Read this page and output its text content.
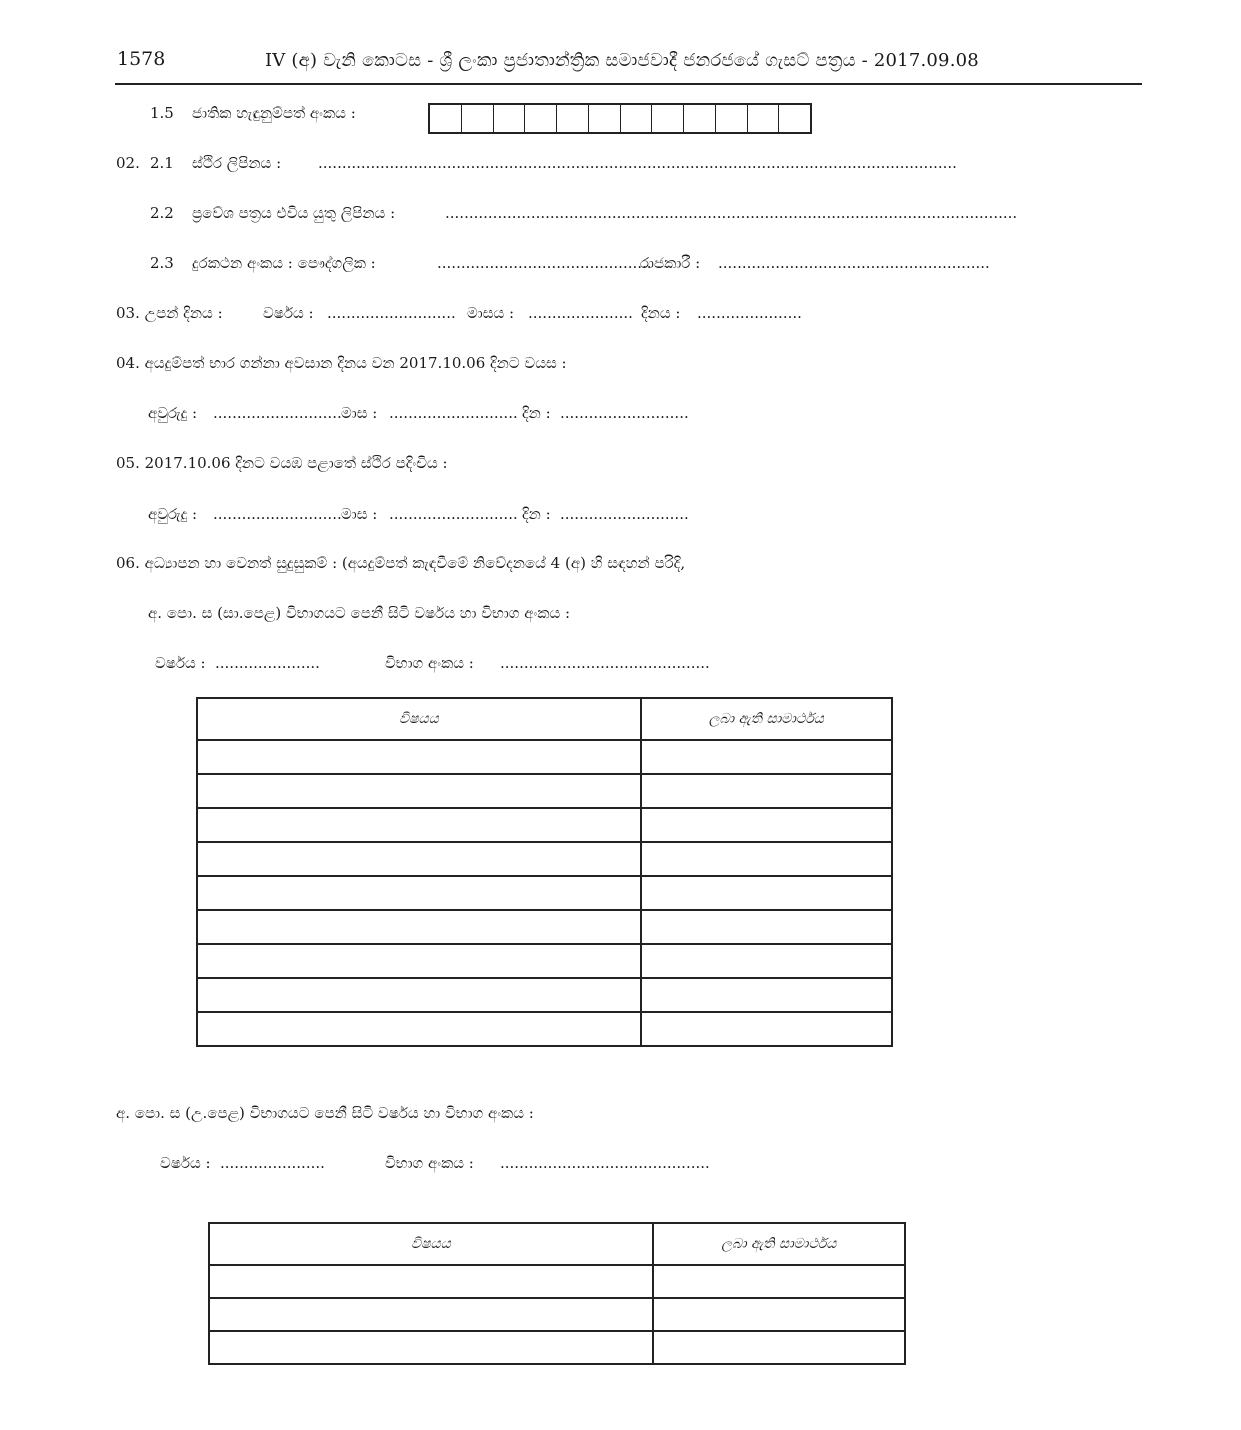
1578	IV (අ) වැනි කොටස - ශ්‍රී ලංකා ප්‍රජාතාන්ත්‍රික සමාජවාදී ජනරජයේ ගැසට් පත්‍රය - 2017.09.08
1.5 ජාතික හැඳුනුම්පත් අංකය :
02. 2.1 ස්ථිර ලිපිනය : ......................................................................................................................................
2.2 ප්‍රවේශ පත්‍රය එවිය යුතු ලිපිනය :	........................................................................................................................
2.3 දුරකථන අංකය : පෞද්ගලික :	.............................................
රාජකාරී : .........................................................
03. උපන් දිනය :	වර්ෂය : ........................... මාසය : ...................... දිනය : ......................
04. අයදුම්පත් භාර ගන්නා අවසාන දිනය වන 2017.10.06 දිනට වයස :
අවුරුදු : ........................... මාස : ........................... දින : ...........................
05. 2017.10.06 දිනට වයඹ පළාතේ ස්ථිර පදිංචිය :
අවුරුදු : ........................... මාස : ........................... දින : ...........................
06. අධ්‍යාපන හා වෙනත් සුදුසුකම් : (අයදුම්පත් කැඳවීමේ නිවේදනයේ 4 (අ) හි සඳහන් පරිදි,
අ. පො. ස (සා.පෙළ) විභාගයට පෙනී සිටි වර්ෂය හා විභාග අංකය :
වර්ෂය : ......................	විභාග අංකය : ............................................
විෂයය	ලබා ඇති සාමාර්ථය

අ. පො. ස (උ.පෙළ) විභාගයට පෙනී සිටි වර්ෂය හා විභාග අංකය :
වර්ෂය : ......................	විභාග අංකය : ............................................
විෂයය	ලබා ඇති සාමාර්ථය
